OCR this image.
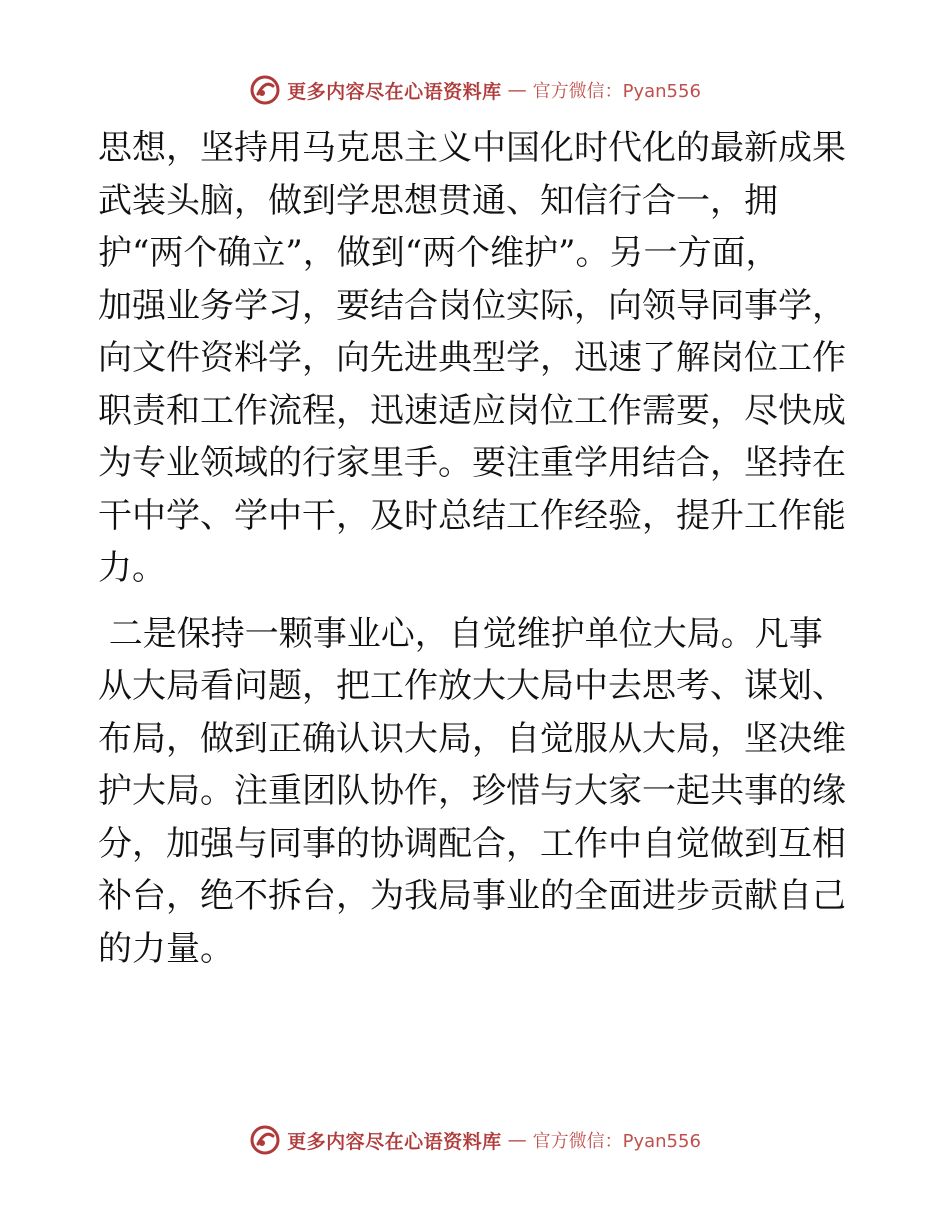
更多内容尽在心语资料库 — 官方微信：Pyan556
思想，坚持用马克思主义中国化时代化的最新成果
武装头脑，做到学思想贯通、知信行合一，拥
护“两个确立”，做到“两个维护”。另一方面，
加强业务学习，要结合岗位实际，向领导同事学，
向文件资料学，向先进典型学，迅速了解岗位工作
职责和工作流程，迅速适应岗位工作需要，尽快成
为专业领域的行家里手。要注重学用结合，坚持在
干中学、学中干，及时总结工作经验，提升工作能
力。
二是保持一颗事业心，自觉维护单位大局。凡事
从大局看问题，把工作放大大局中去思考、谋划、
布局，做到正确认识大局，自觉服从大局，坚决维
护大局。注重团队协作，珍惜与大家一起共事的缘
分，加强与同事的协调配合，工作中自觉做到互相
补台，绝不拆台，为我局事业的全面进步贡献自己
的力量。
更多内容尽在心语资料库 — 官方微信：Pyan556
